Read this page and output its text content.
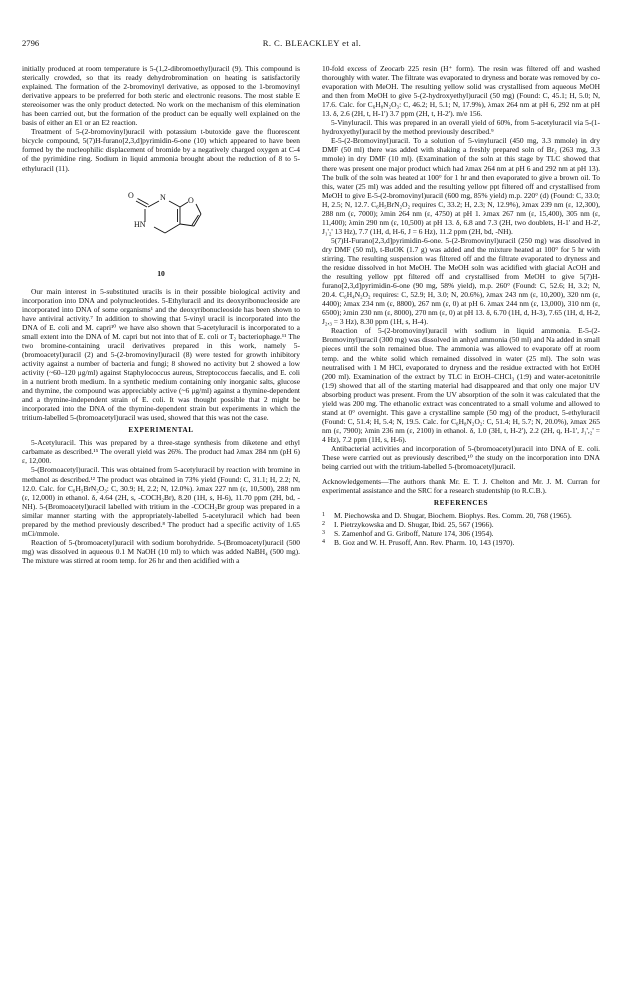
2796	R. C. BLEACKLEY et al.

initially produced at room temperature is 5-(1,2-dibromoethyl)uracil (9). This compound is sterically crowded, so that its ready dehydrobromination on heating is satisfactorily explained. The formation of the 2-bromovinyl derivative, as opposed to the 1-bromovinyl derivative appears to be preferred for both steric and electronic reasons. The most stable E stereoisomer was the only product detected. No work on the mechanism of this elemination has been carried out, but the formation of the product can be equally well explained on the basis of either an E1 or an E2 reaction.

Treatment of 5-(2-bromovinyl)uracil with potassium t-butoxide gave the fluorescent bicycle compound, 5(7)H-furano[2,3,d]pyrimidin-6-one (10) which appeared to have been formed by the nucleophilic displacement of bromide by a negatively charged oxygen at C-4 of the pyrimidine ring. Sodium in liquid ammonia brought about the reduction of 8 to 5-ethyluracil (11).

O	N	O
HN
10

Our main interest in 5-substituted uracils is in their possible biological activity and incorporation into DNA and polynucleotides. 5-Ethyluracil and its deoxyribonucleoside are incorporated into DNA of some organisms¹ and the deoxyribonucleoside has been shown to have antiviral activity.⁷ In addition to showing that 5-vinyl uracil is incorporated into the DNA of E. coli and M. capri¹⁰ we have also shown that 5-acetyluracil is incorporated to a small extent into the DNA of M. capri but not into that of E. coli or T₂ bacteriophage.¹¹ The two bromine-containing uracil derivatives prepared in this work, namely 5-(bromoacetyl)uracil (2) and 5-(2-bromovinyl)uracil (8) were tested for growth inhibitory activity against a number of bacteria and fungi; 8 showed no activity but 2 showed a low activity (~60–120 μg/ml) against Staphylococcus aureus, Streptococcus faecalis, and E. coli in a nutrient broth medium. In a synthetic medium containing only inorganic salts, glucose and thymine, the compound was appreciably active (~6 μg/ml) against a thymine-dependent and a thymine-independent strain of E. coli. It was thought possible that 2 might be incorporated into the DNA of the thymine-dependent strain but experiments in which the tritium-labelled 5-(bromoacetyl)uracil was used, showed that this was not the case.

EXPERIMENTAL

5-Acetyluracil. This was prepared by a three-stage synthesis from diketene and ethyl carbamate as described.¹⁵ The overall yield was 26%. The product had λmax 284 nm (pH 6) ε, 12,000.

5-(Bromoacetyl)uracil. This was obtained from 5-acetyluracil by reaction with bromine in methanol as described.¹² The product was obtained in 73% yield (Found: C, 31.1; H, 2.2; N, 12.0. Calc. for C₆H₅BrN₂O₃: C, 30.9; H, 2.2; N, 12.0%). λmax 227 nm (ε, 10,500), 288 nm (ε, 12,000) in ethanol. δ, 4.64 (2H, s, -COCH₂Br), 8.20 (1H, s, H-6), 11.70 ppm (2H, bd, -NH). 5-(Bromoacetyl)uracil labelled with tritium in the -COCH₂Br group was prepared in a similar manner starting with the appropriately-labelled 5-acetyluracil which had been prepared by the method previously described.⁸ The product had a specific activity of 1.65 mCi/mmole.

Reaction of 5-(bromoacetyl)uracil with sodium borohydride. 5-(Bromoacetyl)uracil (500 mg) was dissolved in aqueous 0.1 M NaOH (10 ml) to which was added NaBH₄ (500 mg). The mixture was stirred at room temp. for 26 hr and then acidified with a

10-fold excess of Zeocarb 225 resin (H⁺ form). The resin was filtered off and washed thoroughly with water. The filtrate was evaporated to dryness and borate was removed by co-evaporation with MeOH. The resulting yellow solid was crystallised from aqueous MeOH and then from MeOH to give 5-(2-hydroxyethyl)uracil (50 mg) (Found: C, 45.1; H, 5.0; N, 17.6. Calc. for C₆H₈N₂O₃: C, 46.2; H, 5.1; N, 17.9%), λmax 264 nm at pH 6, 292 nm at pH 13. δ, 2.6 (2H, t, H-1') 3.7 ppm (2H, t, H-2'). m/e 156.

5-Vinyluracil. This was prepared in an overall yield of 60%, from 5-acetyluracil via 5-(1-hydroxyethyl)uracil by the method previously described.⁹

E-5-(2-Bromovinyl)uracil. To a solution of 5-vinyluracil (450 mg, 3.3 mmole) in dry DMF (50 ml) there was added with shaking a freshly prepared soln of Br₂ (263 mg, 3.3 mmole) in dry DMF (10 ml). (Examination of the soln at this stage by TLC showed that there was present one major product which had λmax 264 nm at pH 6 and 292 nm at pH 13). The bulk of the soln was heated at 100° for 1 hr and then evaporated to give a brown oil. To this, water (25 ml) was added and the resulting yellow ppt filtered off and crystallised from MeOH to give E-5-(2-bromovinyl)uracil (600 mg, 85% yield) m.p. 220° (d) (Found: C, 33.0; H, 2.5; N, 12.7. C₆H₅BrN₂O₂ requires C, 33.2; H, 2.3; N, 12.9%), λmax 239 nm (ε, 12,300), 288 nm (ε, 7000); λmin 264 nm (ε, 4750) at pH 1. λmax 267 nm (ε, 15,400), 305 nm (ε, 11,400); λmin 290 nm (ε, 10,500) at pH 13. δ, 6.8 and 7.3 (2H, two doublets, H-1' and H-2', J₁'₂' 13 Hz), 7.7 (1H, d, H-6, J = 6 Hz), 11.2 ppm (2H, bd, -NH).

5(7)H-Furano[2,3,d]pyrimidin-6-one. 5-(2-Bromovinyl)uracil (250 mg) was dissolved in dry DMF (50 ml), t-BuOK (1.7 g) was added and the mixture heated at 100° for 5 hr with stirring. The resulting suspension was filtered off and the filtrate evaporated to dryness and the residue dissolved in hot MeOH. The MeOH soln was acidified with glacial AcOH and the resulting yellow ppt filtered off and crystallised from MeOH to give 5(7)H-furano[2,3,d]pyrimidin-6-one (90 mg, 58% yield), m.p. 260° (Found: C, 52.6; H, 3.2; N, 20.4. C₆H₄N₂O₂ requires: C, 52.9; H, 3.0; N, 20.6%), λmax 243 nm (ε, 10,200), 320 nm (ε, 4400); λmax 234 nm (ε, 8800), 267 nm (ε, 0) at pH 6. λmax 244 nm (ε, 13,000), 310 nm (ε, 6500); λmin 230 nm (ε, 8000), 270 nm (ε, 0) at pH 13. δ, 6.70 (1H, d, H-3), 7.65 (1H, d, H-2, J₂,₃ = 3 Hz), 8.30 ppm (1H, s, H-4).

Reaction of 5-(2-bromovinyl)uracil with sodium in liquid ammonia. E-5-(2-Bromovinyl)uracil (300 mg) was dissolved in anhyd ammonia (50 ml) and Na added in small pieces until the soln remained blue. The ammonia was allowed to evaporate off at room temp. and the white solid which remained dissolved in water (25 ml). The soln was neutralised with 1 M HCl, evaporated to dryness and the residue extracted with hot EtOH (200 ml). Examination of the extract by TLC in EtOH–CHCl₃ (1:9) and water-acetonitrile (1:9) showed that all of the starting material had disappeared and that only one major UV absorbing product was present. From the UV absorption of the soln it was calculated that the yield was 200 mg. The ethanolic extract was concentrated to a small volume and allowed to stand at 0° overnight. This gave a crystalline sample (50 mg) of the product, 5-ethyluracil (Found: C, 51.4; H, 5.4; N, 19.5. Calc. for C₆H₈N₂O₂: C, 51.4; H, 5.7; N, 20.0%), λmax 265 nm (ε, 7900); λmin 236 nm (ε, 2100) in ethanol. δ, 1.0 (3H, t, H-2'), 2.2 (2H, q, H-1', J₁',₂' = 4 Hz), 7.2 ppm (1H, s, H-6).

Antibacterial activities and incorporation of 5-(bromoacetyl)uracil into DNA of E. coli. These were carried out as previously described,¹⁰ the study on the incorporation into DNA being carried out with the tritium-labelled 5-(bromoacetyl)uracil.

Acknowledgements—The authors thank Mr. E. T. J. Chelton and Mr. J. M. Curran for experimental assistance and the SRC for a research studentship (to R.C.B.).

REFERENCES
1 M. Piechowska and D. Shugar, Biochem. Biophys. Res. Comm. 20, 768 (1965).
2 I. Pietrzykowska and D. Shugar, Ibid. 25, 567 (1966).
3 S. Zamenhof and G. Griboff, Nature 174, 306 (1954).
4 B. Goz and W. H. Prusoff, Ann. Rev. Pharm. 10, 143 (1970).
